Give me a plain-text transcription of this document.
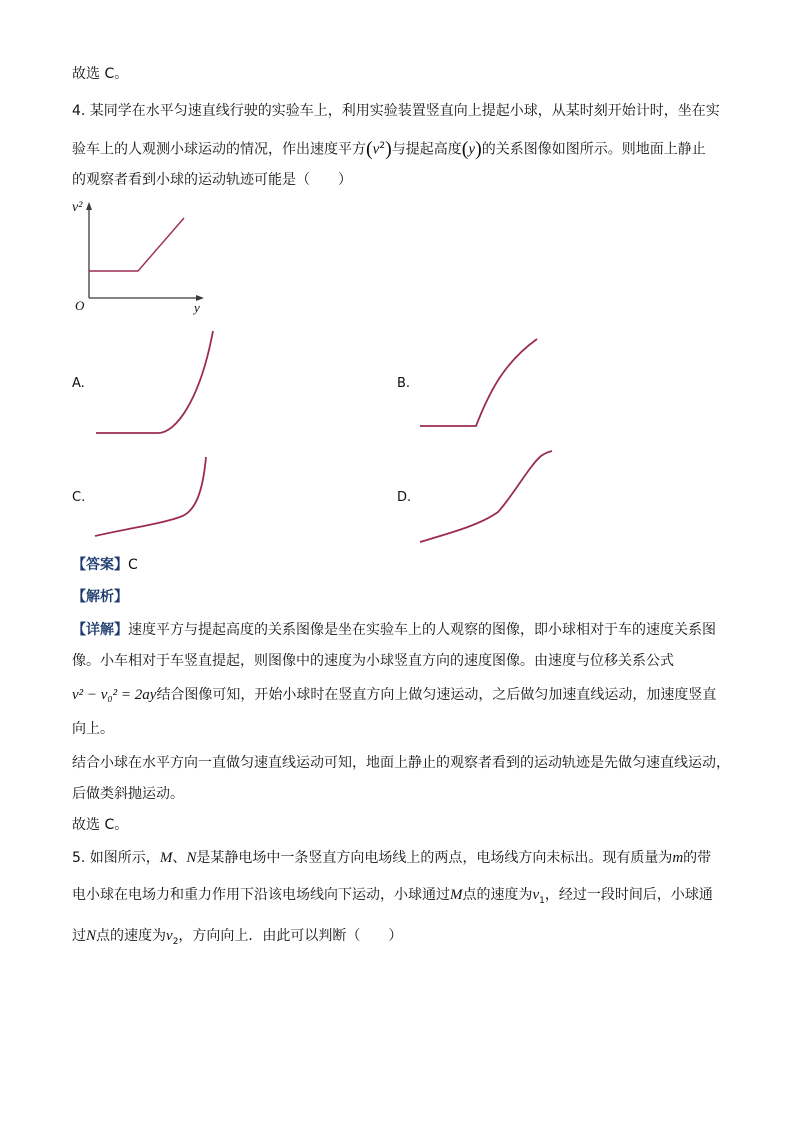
故选 C。
4. 某同学在水平匀速直线行驶的实验车上，利用实验装置竖直向上提起小球，从某时刻开始计时，坐在实
验车上的人观测小球运动的情况，作出速度平方$(v^2)$与提起高度(y)的关系图像如图所示。则地面上静止
的观察者看到小球的运动轨迹可能是（　　）
v²
O	y
A.	B.
C.	D.
【答案】C
【解析】
【详解】速度平方与提起高度的关系图像是坐在实验车上的人观察的图像，即小球相对于车的速度关系图
像。小车相对于车竖直提起，则图像中的速度为小球竖直方向的速度图像。由速度与位移关系公式
v² − v₀² = 2ay结合图像可知，开始小球时在竖直方向上做匀速运动，之后做匀加速直线运动，加速度竖直
向上。
结合小球在水平方向一直做匀速直线运动可知，地面上静止的观察者看到的运动轨迹是先做匀速直线运动，
后做类斜抛运动。
故选 C。
5. 如图所示，M、N是某静电场中一条竖直方向电场线上的两点，电场线方向未标出。现有质量为m的带
电小球在电场力和重力作用下沿该电场线向下运动，小球通过M点的速度为$v_1$，经过一段时间后，小球通
过N点的速度为$v_2$，方向向上．由此可以判断（　　）
